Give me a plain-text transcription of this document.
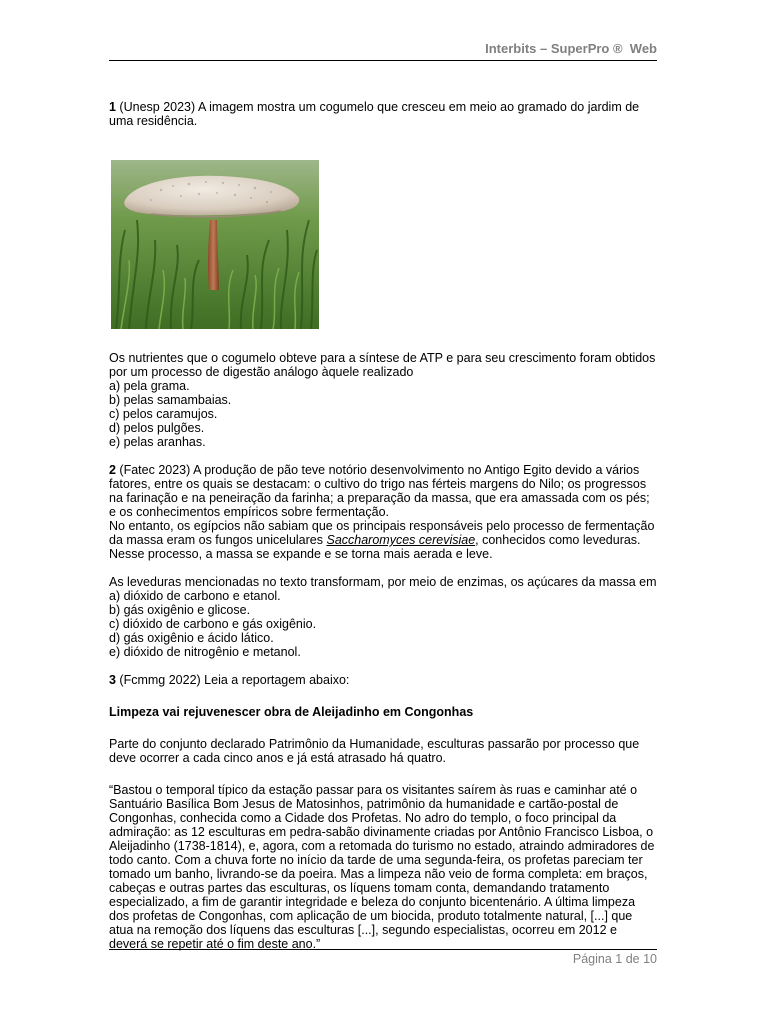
Interbits – SuperPro ®  Web

1 (Unesp 2023) A imagem mostra um cogumelo que cresceu em meio ao gramado do jardim de uma residência.

Os nutrientes que o cogumelo obteve para a síntese de ATP e para seu crescimento foram obtidos por um processo de digestão análogo àquele realizado

a) pela grama.

b) pelas samambaias.

c) pelos caramujos.

d) pelos pulgões.

e) pelas aranhas.

2 (Fatec 2023) A produção de pão teve notório desenvolvimento no Antigo Egito devido a vários fatores, entre os quais se destacam: o cultivo do trigo nas férteis margens do Nilo; os progressos na farinação e na peneiração da farinha; a preparação da massa, que era amassada com os pés; e os conhecimentos empíricos sobre fermentação.

No entanto, os egípcios não sabiam que os principais responsáveis pelo processo de fermentação da massa eram os fungos unicelulares Saccharomyces cerevisiae, conhecidos como leveduras. Nesse processo, a massa se expande e se torna mais aerada e leve.

As leveduras mencionadas no texto transformam, por meio de enzimas, os açúcares da massa em

a) dióxido de carbono e etanol.

b) gás oxigênio e glicose.

c) dióxido de carbono e gás oxigênio.

d) gás oxigênio e ácido lático.

e) dióxido de nitrogênio e metanol.

3 (Fcmmg 2022) Leia a reportagem abaixo:

Limpeza vai rejuvenescer obra de Aleijadinho em Congonhas

Parte do conjunto declarado Patrimônio da Humanidade, esculturas passarão por processo que deve ocorrer a cada cinco anos e já está atrasado há quatro.

“Bastou o temporal típico da estação passar para os visitantes saírem às ruas e caminhar até o Santuário Basílica Bom Jesus de Matosinhos, patrimônio da humanidade e cartão-postal de Congonhas, conhecida como a Cidade dos Profetas. No adro do templo, o foco principal da admiração: as 12 esculturas em pedra-sabão divinamente criadas por Antônio Francisco Lisboa, o Aleijadinho (1738-1814), e, agora, com a retomada do turismo no estado, atraindo admiradores de todo canto. Com a chuva forte no início da tarde de uma segunda-feira, os profetas pareciam ter tomado um banho, livrando-se da poeira. Mas a limpeza não veio de forma completa: em braços, cabeças e outras partes das esculturas, os líquens tomam conta, demandando tratamento especializado, a fim de garantir integridade e beleza do conjunto bicentenário. A última limpeza dos profetas de Congonhas, com aplicação de um biocida, produto totalmente natural, [...] que atua na remoção dos líquens das esculturas [...], segundo especialistas, ocorreu em 2012 e deverá se repetir até o fim deste ano.”

Página 1 de 10
